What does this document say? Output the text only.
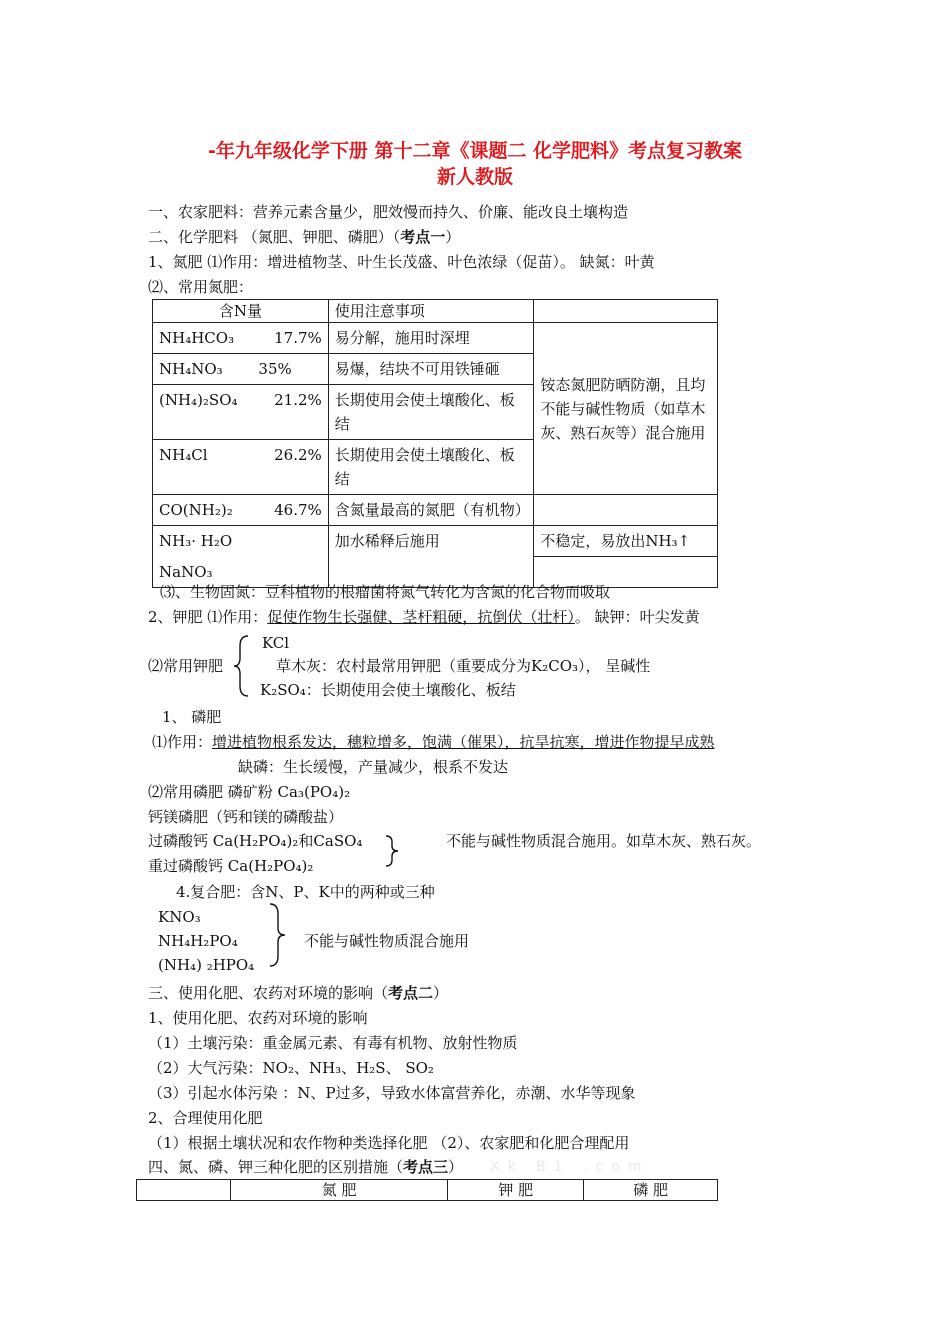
-年九年级化学下册 第十二章《课题二 化学肥料》考点复习教案
新人教版
一、农家肥料：营养元素含量少，肥效慢而持久、价廉、能改良土壤构造
二、化学肥料 （氮肥、钾肥、磷肥）（考点一）
1、氮肥 ⑴作用：增进植物茎、叶生长茂盛、叶色浓绿（促苗）。 缺氮：叶黄
⑵、常用氮肥：
含N量	使用注意事项	
NH₄HCO₃ 17.7%	易分解，施用时深埋	铵态氮肥防晒防潮，且均不能与碱性物质（如草木灰、熟石灰等）混合施用
NH₄NO₃ 35%	易爆，结块不可用铁锤砸	
(NH₄)₂SO₄ 21.2%	长期使用会使土壤酸化、板结	
NH₄Cl 26.2%	长期使用会使土壤酸化、板结	
CO(NH₂)₂ 46.7%	含氮量最高的氮肥（有机物）	
NH₃· H₂O	加水稀释后施用	不稳定，易放出NH₃↑
NaNO₃		
⑶、生物固氮：豆科植物的根瘤菌将氮气转化为含氮的化合物而吸取
2、钾肥 ⑴作用：促使作物生长强健、茎杆粗硬，抗倒伏（壮杆）。 缺钾：叶尖发黄
KCl
⑵常用钾肥	草木灰：农村最常用钾肥（重要成分为K₂CO₃）， 呈碱性
K₂SO₄：长期使用会使土壤酸化、板结
1、 磷肥
⑴作用：增进植物根系发达，穗粒增多，饱满（催果），抗旱抗寒，增进作物提早成熟
缺磷：生长缓慢，产量减少，根系不发达
⑵常用磷肥 磷矿粉 Ca₃(PO₄)₂
钙镁磷肥（钙和镁的磷酸盐）
过磷酸钙 Ca(H₂PO₄)₂和CaSO₄
重过磷酸钙 Ca(H₂PO₄)₂
不能与碱性物质混合施用。如草木灰、熟石灰。
4.复合肥：含N、P、K中的两种或三种
KNO₃
NH₄H₂PO₄
(NH₄) ₂HPO₄
不能与碱性物质混合施用
三、使用化肥、农药对环境的影响（考点二）
1、使用化肥、农药对环境的影响
（1）土壤污染：重金属元素、有毒有机物、放射性物质
（2）大气污染：NO₂、NH₃、H₂S、 SO₂
（3）引起水体污染 ：N、P过多，导致水体富营养化，赤潮、水华等现象
2、合理使用化肥
（1）根据土壤状况和农作物种类选择化肥 （2）、农家肥和化肥合理配用
四、氮、磷、钾三种化肥的区别措施（考点三） Xk B1 .com
	氮 肥	钾 肥	磷 肥
